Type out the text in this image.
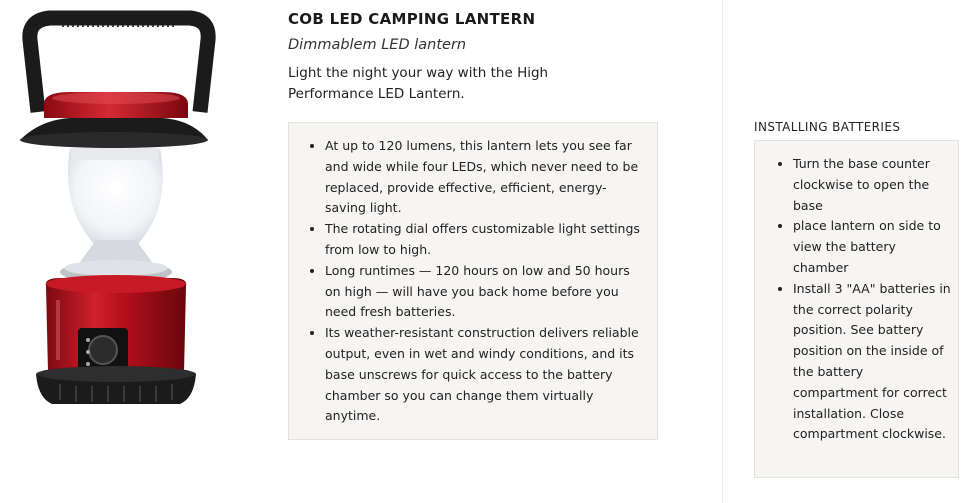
COB LED CAMPING LANTERN
Dimmablem LED lantern

Light the night your way with the High Performance LED Lantern.

• At up to 120 lumens, this lantern lets you see far and wide while four LEDs, which never need to be replaced, provide effective, efficient, energy-saving light.
• The rotating dial offers customizable light settings from low to high.
• Long runtimes — 120 hours on low and 50 hours on high — will have you back home before you need fresh batteries.
• Its weather-resistant construction delivers reliable output, even in wet and windy conditions, and its base unscrews for quick access to the battery chamber so you can change them virtually anytime.
INSTALLING BATTERIES
• Turn the base counter clockwise to open the base
• place lantern on side to view the battery chamber
• Install 3 "AA" batteries in the correct polarity position. See battery position on the inside of the battery compartment for correct installation. Close compartment clockwise.
